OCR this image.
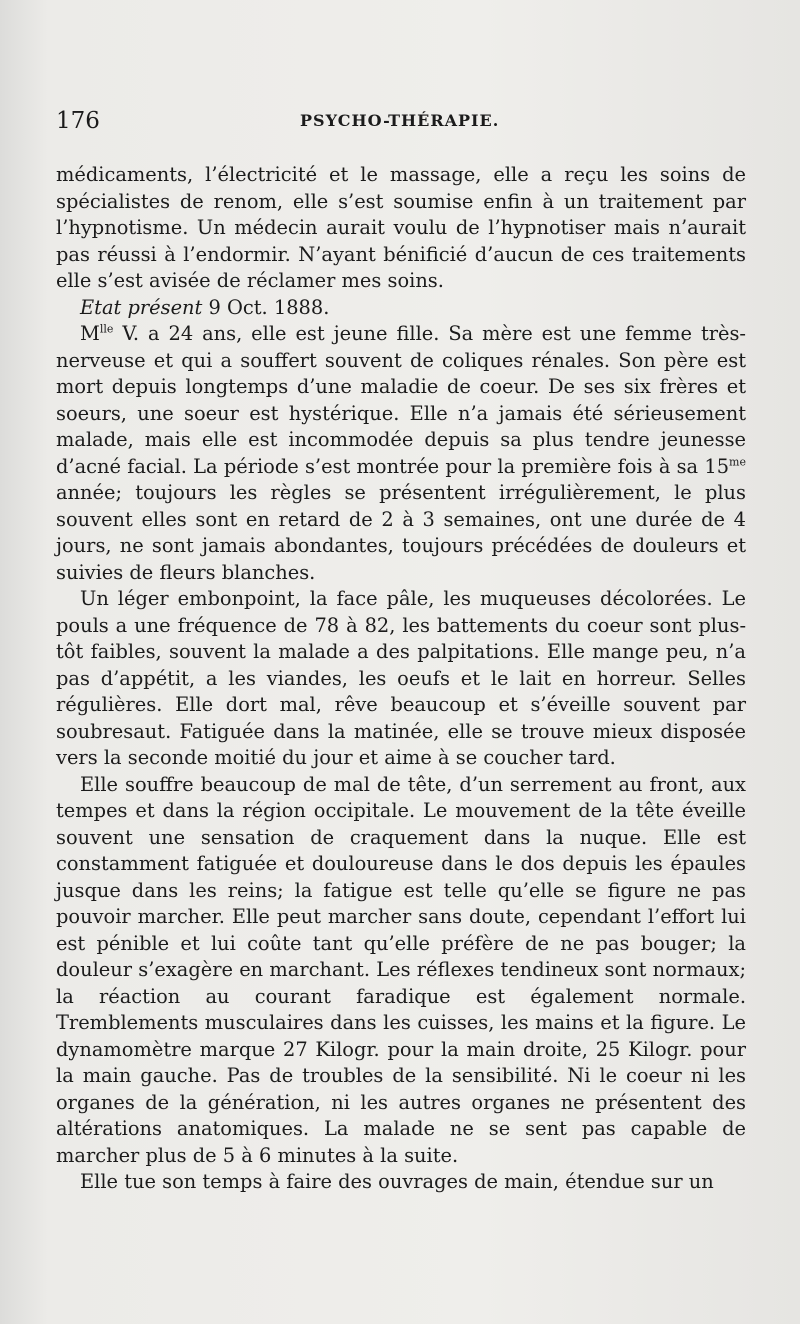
176	PSYCHO-THÉRAPIE.

médicaments, l’électricité et le massage, elle a reçu les soins de spécialistes de renom, elle s’est soumise enfin à un traitement par l’hypnotisme. Un médecin aurait voulu de l’hypnotiser mais n’aurait pas réussi à l’endormir. N’ayant bénificié d’aucun de ces traitements elle s’est avisée de réclamer mes soins.

Etat présent 9 Oct. 1888.

$M^{lle}$ V. a 24 ans, elle est jeune fille. Sa mère est une femme très-nerveuse et qui a souffert souvent de coliques rénales. Son père est mort depuis longtemps d’une maladie de coeur. De ses six frères et soeurs, une soeur est hystérique. Elle n’a jamais été sérieusement malade, mais elle est incommodée depuis sa plus tendre jeunesse d’acné facial. La période s’est montrée pour la première fois à sa $15^{me}$ année; toujours les règles se présentent irrégulièrement, le plus souvent elles sont en retard de 2 à 3 semaines, ont une durée de 4 jours, ne sont jamais abondantes, toujours précédées de douleurs et suivies de fleurs blanches.

Un léger embonpoint, la face pâle, les muqueuses décolorées. Le pouls a une fréquence de 78 à 82, les battements du coeur sont plus-tôt faibles, souvent la malade a des palpitations. Elle mange peu, n’a pas d’appétit, a les viandes, les oeufs et le lait en horreur. Selles régulières. Elle dort mal, rêve beaucoup et s’éveille souvent par soubresaut. Fatiguée dans la matinée, elle se trouve mieux disposée vers la seconde moitié du jour et aime à se coucher tard.

Elle souffre beaucoup de mal de tête, d’un serrement au front, aux tempes et dans la région occipitale. Le mouvement de la tête éveille souvent une sensation de craquement dans la nuque. Elle est constamment fatiguée et douloureuse dans le dos depuis les épaules jusque dans les reins; la fatigue est telle qu’elle se figure ne pas pouvoir marcher. Elle peut marcher sans doute, cependant l’effort lui est pénible et lui coûte tant qu’elle préfère de ne pas bouger; la douleur s’exagère en marchant. Les réflexes tendineux sont normaux; la réaction au courant faradique est également normale. Tremblements musculaires dans les cuisses, les mains et la figure. Le dynamomètre marque 27 Kilogr. pour la main droite, 25 Kilogr. pour la main gauche. Pas de troubles de la sensibilité. Ni le coeur ni les organes de la génération, ni les autres organes ne présentent des altérations anatomiques. La malade ne se sent pas capable de marcher plus de 5 à 6 minutes à la suite.

Elle tue son temps à faire des ouvrages de main, étendue sur un
